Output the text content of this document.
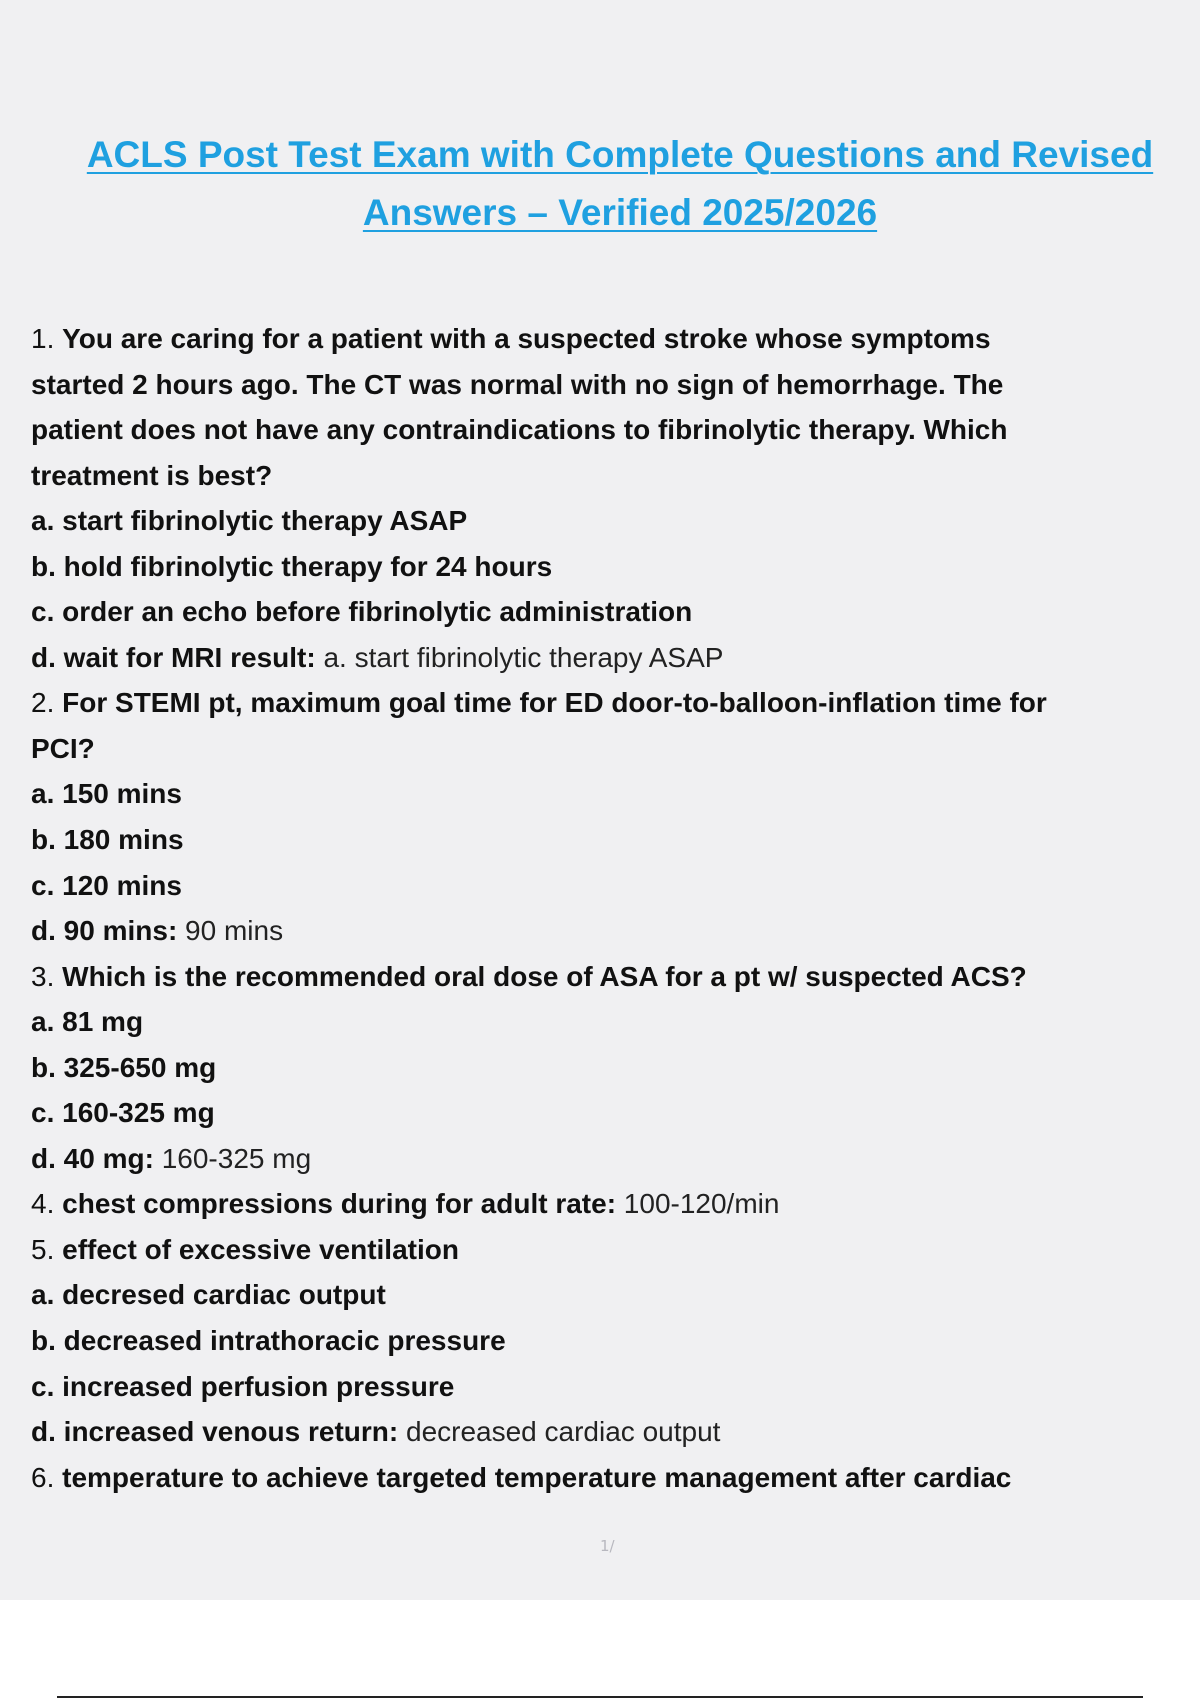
ACLS Post Test Exam with Complete Questions and Revised
Answers – Verified 2025/2026
1. You are caring for a patient with a suspected stroke whose symptoms
started 2 hours ago. The CT was normal with no sign of hemorrhage. The
patient does not have any contraindications to fibrinolytic therapy. Which
treatment is best?
a. start fibrinolytic therapy ASAP
b. hold fibrinolytic therapy for 24 hours
c. order an echo before fibrinolytic administration
d. wait for MRI result: a. start fibrinolytic therapy ASAP
2. For STEMI pt, maximum goal time for ED door-to-balloon-inflation time for
PCI?
a. 150 mins
b. 180 mins
c. 120 mins
d. 90 mins: 90 mins
3. Which is the recommended oral dose of ASA for a pt w/ suspected ACS?
a. 81 mg
b. 325-650 mg
c. 160-325 mg
d. 40 mg: 160-325 mg
4. chest compressions during for adult rate: 100-120/min
5. effect of excessive ventilation
a. decresed cardiac output
b. decreased intrathoracic pressure
c. increased perfusion pressure
d. increased venous return: decreased cardiac output
6. temperature to achieve targeted temperature management after cardiac
1/
